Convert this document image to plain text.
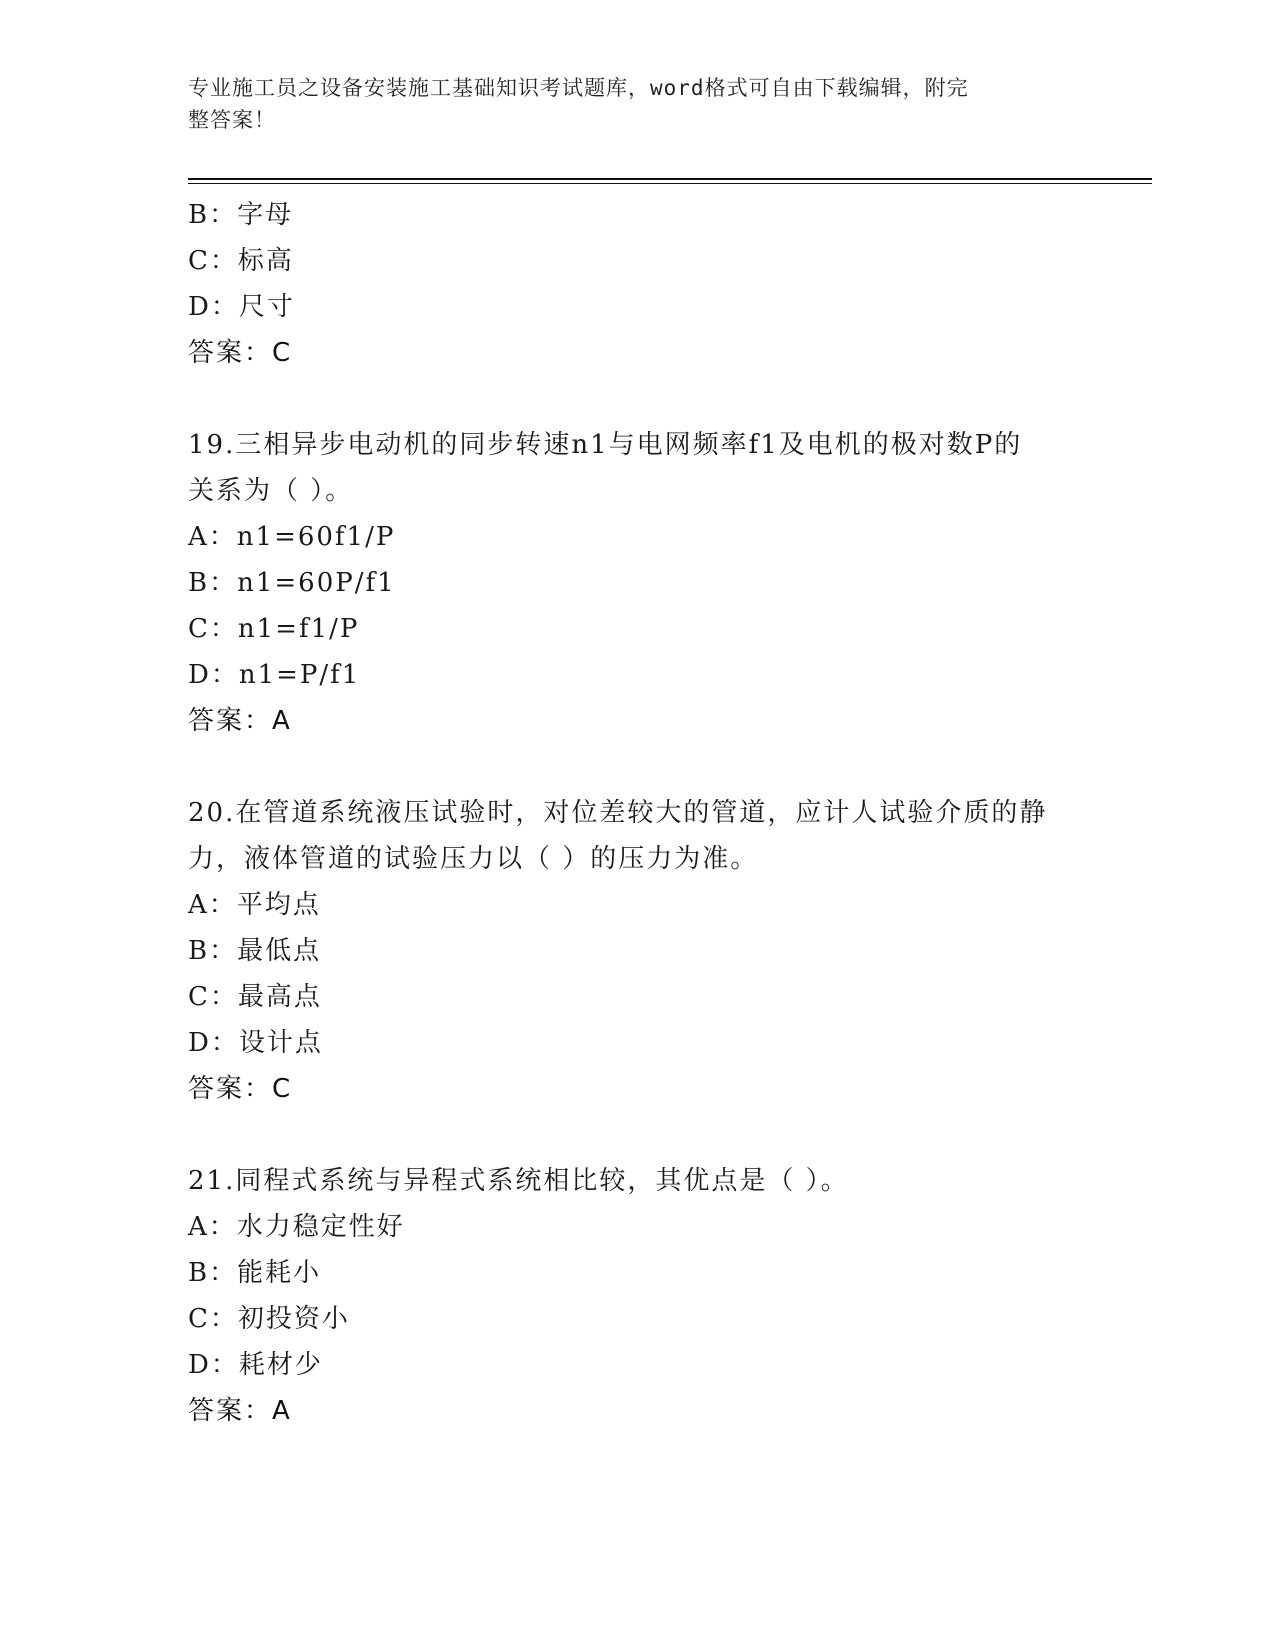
专业施工员之设备安装施工基础知识考试题库，word格式可自由下载编辑，附完
整答案！
B：字母
C：标高
D：尺寸
答案：C
19.三相异步电动机的同步转速n1与电网频率f1及电机的极对数P的
关系为（ ）。
A：n1=60f1/P
B：n1=60P/f1
C：n1=f1/P
D：n1=P/f1
答案：A
20.在管道系统液压试验时，对位差较大的管道，应计人试验介质的静
力，液体管道的试验压力以（ ）的压力为准。
A：平均点
B：最低点
C：最高点
D：设计点
答案：C
21.同程式系统与异程式系统相比较，其优点是（ ）。
A：水力稳定性好
B：能耗小
C：初投资小
D：耗材少
答案：A
